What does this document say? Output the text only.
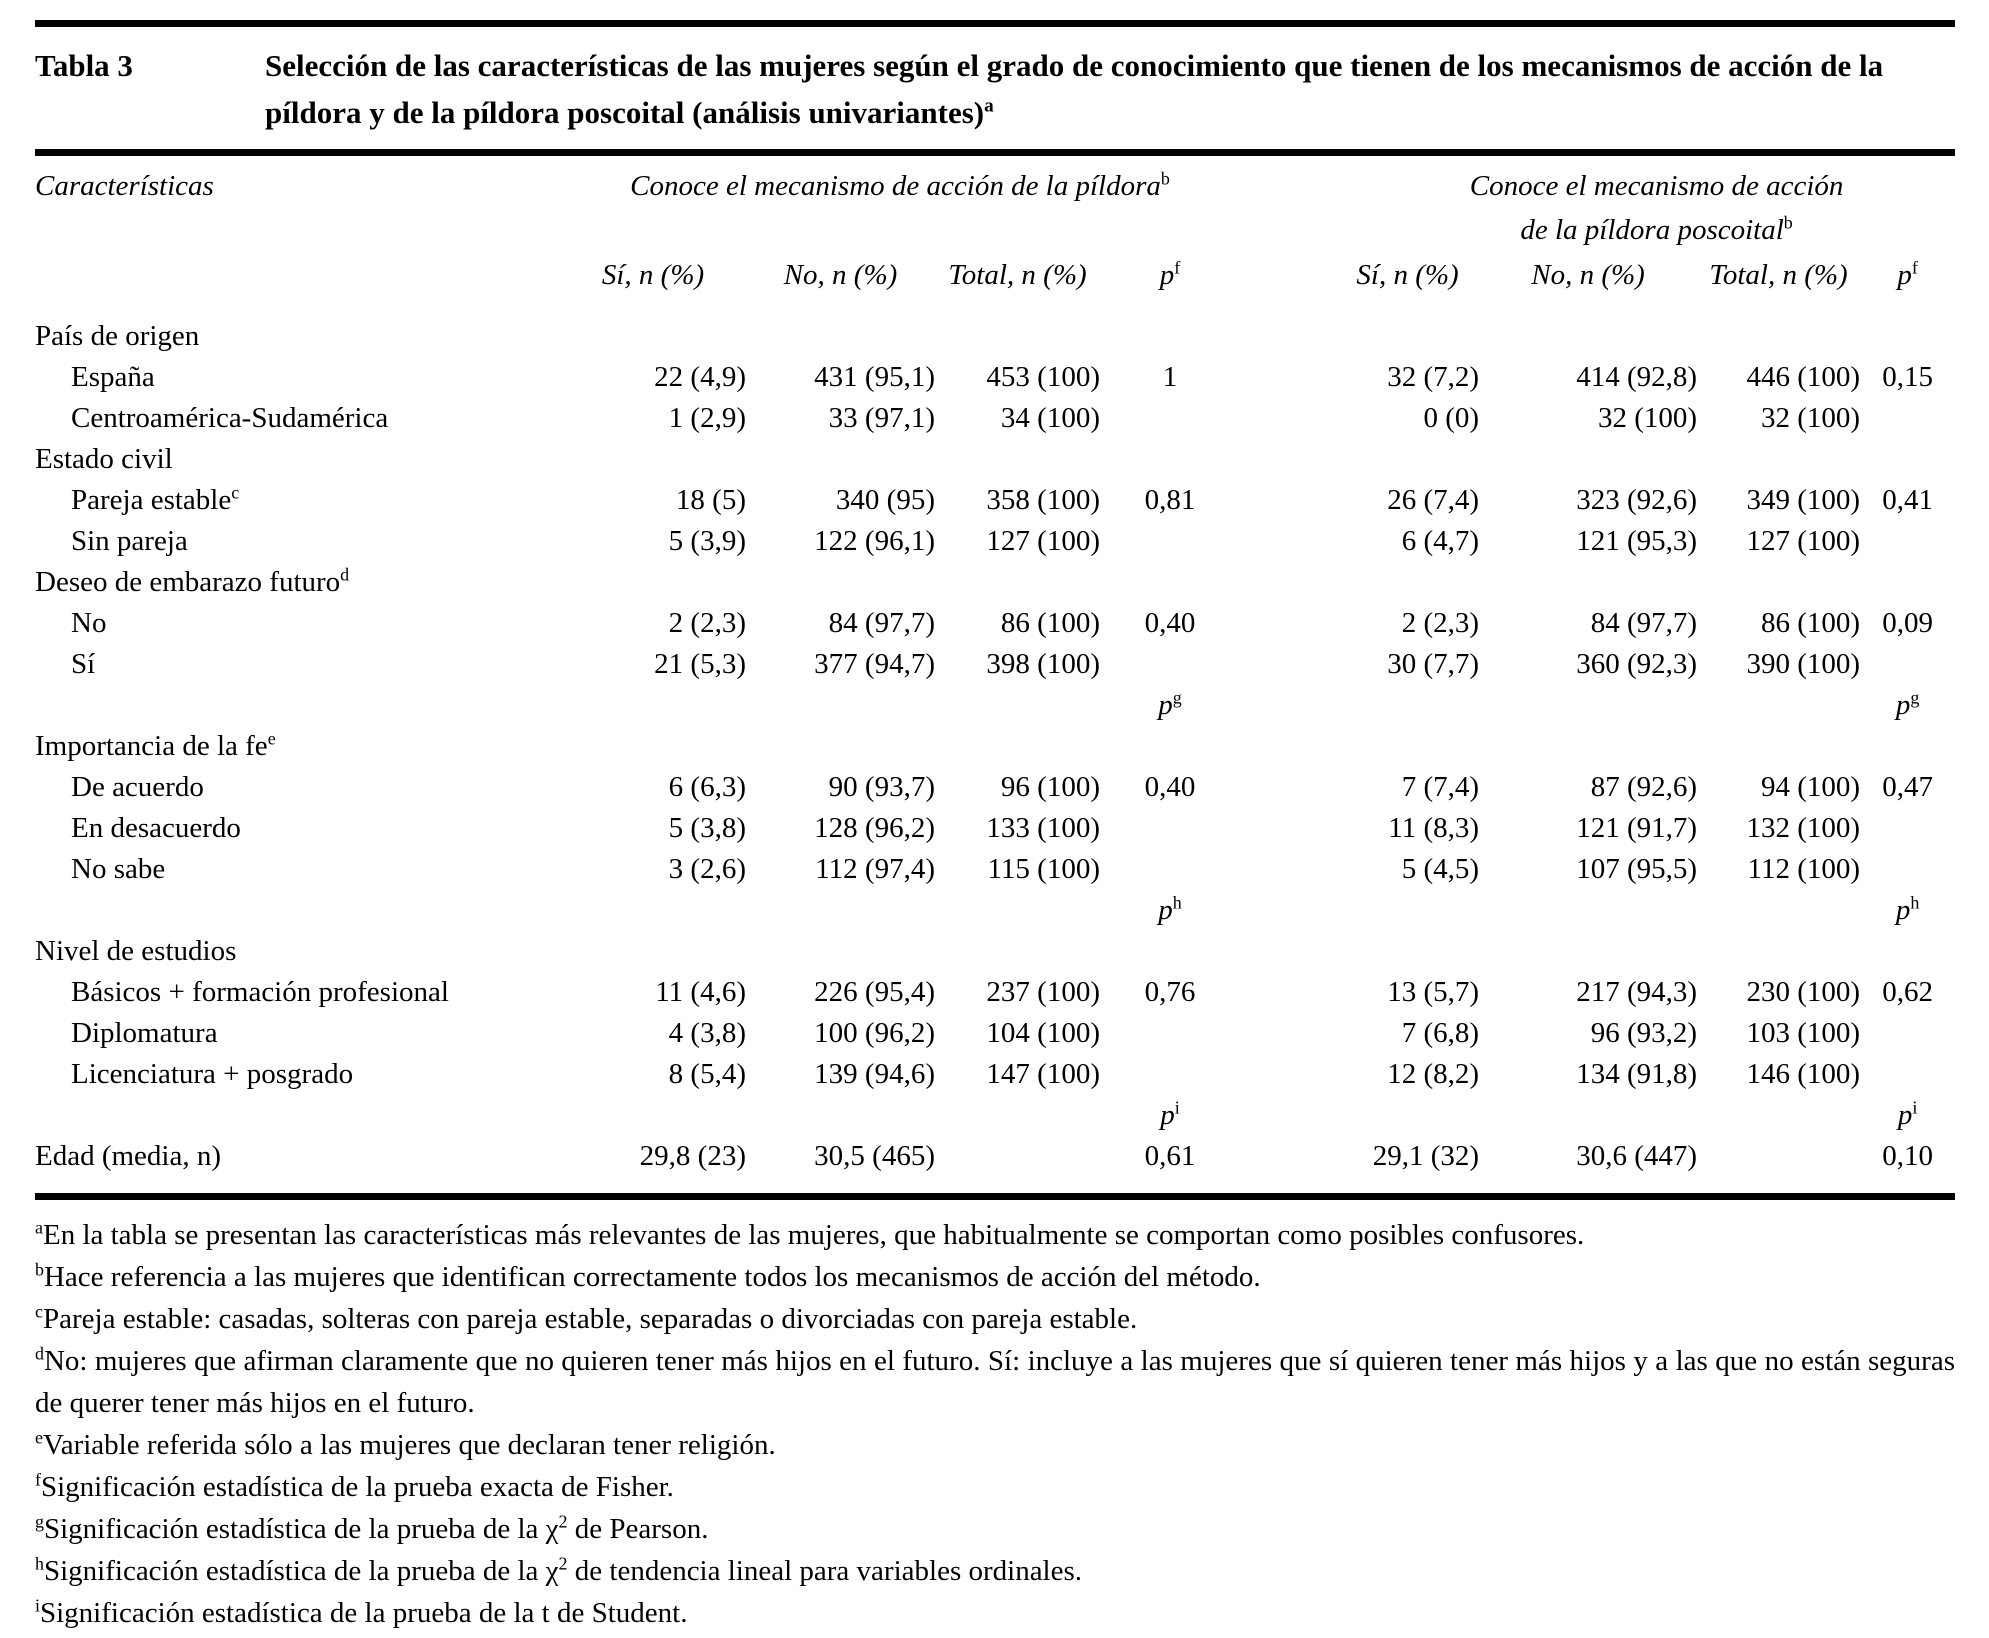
Tabla 3	Selección de las características de las mujeres según el grado de conocimiento que tienen de los mecanismos de acción de la píldora y de la píldora poscoital (análisis univariantes)$^a$
Características	Conoce el mecanismo de acción de la píldora$^b$				Conoce el mecanismo de acción
de la píldora poscoital$^b$

	Sí, n (%)	No, n (%)	Total, n (%)	$p^f$	Sí, n (%)	No, n (%)	Total, n (%)	$p^f$
País de origen								
España	22 (4,9)	431 (95,1)	453 (100)	1	32 (7,2)	414 (92,8)	446 (100)	0,15
Centroamérica-Sudamérica	1 (2,9)	33 (97,1)	34 (100)		0 (0)	32 (100)	32 (100)	
Estado civil								
Pareja estable$^c$	18 (5)	340 (95)	358 (100)	0,81	26 (7,4)	323 (92,6)	349 (100)	0,41
Sin pareja	5 (3,9)	122 (96,1)	127 (100)		6 (4,7)	121 (95,3)	127 (100)	
Deseo de embarazo futuro$^d$								
No	2 (2,3)	84 (97,7)	86 (100)	0,40	2 (2,3)	84 (97,7)	86 (100)	0,09
Sí	21 (5,3)	377 (94,7)	398 (100)		30 (7,7)	360 (92,3)	390 (100)	
				$p^g$				$p^g$
Importancia de la $fe^e$								
De acuerdo	6 (6,3)	90 (93,7)	96 (100)	0,40	7 (7,4)	87 (92,6)	94 (100)	0,47
En desacuerdo	5 (3,8)	128 (96,2)	133 (100)		11 (8,3)	121 (91,7)	132 (100)	
No sabe	3 (2,6)	112 (97,4)	115 (100)		5 (4,5)	107 (95,5)	112 (100)	
				$p^h$				$p^h$
Nivel de estudios								
Básicos + formación profesional	11 (4,6)	226 (95,4)	237 (100)	0,76	13 (5,7)	217 (94,3)	230 (100)	0,62
Diplomatura	4 (3,8)	100 (96,2)	104 (100)		7 (6,8)	96 (93,2)	103 (100)	
Licenciatura + posgrado	8 (5,4)	139 (94,6)	147 (100)		12 (8,2)	134 (91,8)	146 (100)	
				$p^i$				$p^i$
Edad (media, n)	29,8 (23)	30,5 (465)		0,61	29,1 (32)	30,6 (447)		0,10
$^a$En la tabla se presentan las características más relevantes de las mujeres, que habitualmente se comportan como posibles confusores.
$^b$Hace referencia a las mujeres que identifican correctamente todos los mecanismos de acción del método.
$^c$Pareja estable: casadas, solteras con pareja estable, separadas o divorciadas con pareja estable.
$^d$No: mujeres que afirman claramente que no quieren tener más hijos en el futuro. Sí: incluye a las mujeres que sí quieren tener más hijos y a las que no están seguras de querer tener más hijos en el futuro.
$^e$Variable referida sólo a las mujeres que declaran tener religión.
$^f$Significación estadística de la prueba exacta de Fisher.
$^g$Significación estadística de la prueba de la $\chi^2$ de Pearson.
$^h$Significación estadística de la prueba de la $\chi^2$ de tendencia lineal para variables ordinales.
$^i$Significación estadística de la prueba de la t de Student.
